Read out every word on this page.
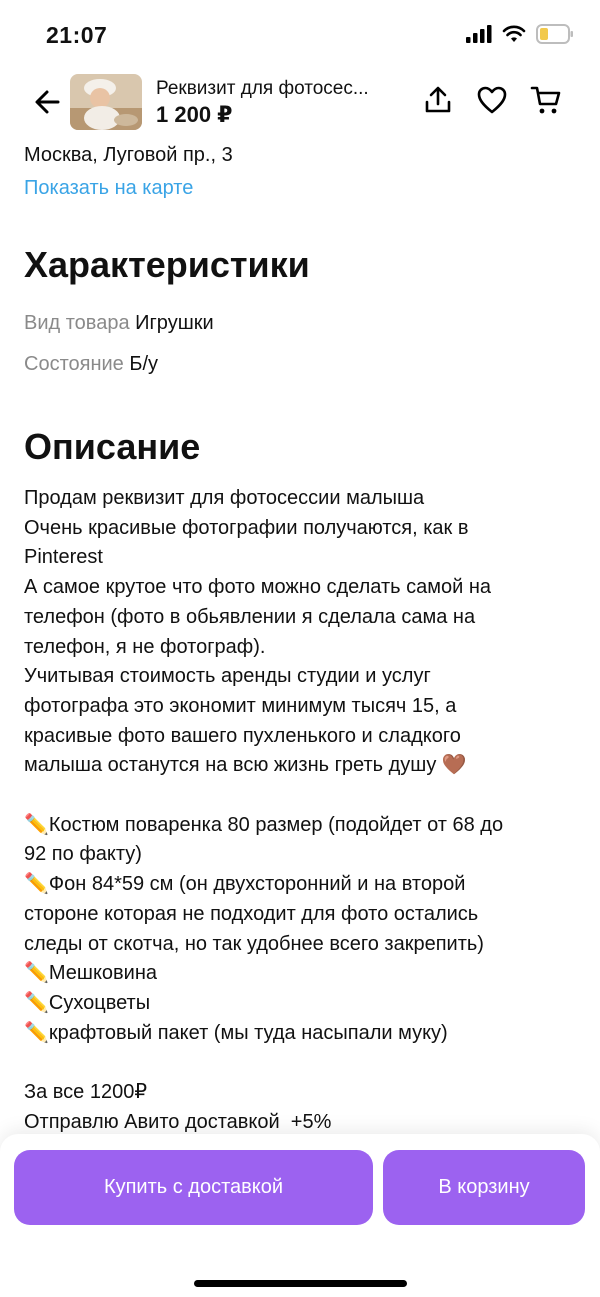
21:07
Реквизит для фотосес...
1 200 ₽
Москва, Луговой пр., 3
Показать на карте
Характеристики
Вид товара Игрушки
Состояние Б/у
Описание
Продам реквизит для фотосессии малыша
Очень красивые фотографии получаются, как в
Pinterest
А самое крутое что фото можно сделать самой на
телефон (фото в обьявлении я сделала сама на
телефон, я не фотограф).
Учитывая стоимость аренды студии и услуг
фотографа это экономит минимум тысяч 15, а
красивые фото вашего пухленького и сладкого
малыша останутся на всю жизнь греть душу 🤎

✏️Костюм поваренка 80 размер (подойдет от 68 до
92 по факту)
✏️Фон 84*59 см (он двухсторонний и на второй
стороне которая не подходит для фото остались
следы от скотча, но так удобнее всего закрепить)
✏️Мешковина
✏️Сухоцветы
✏️крафтовый пакет (мы туда насыпали муку)

За все 1200₽
Отправлю Авито доставкой  +5%
Купить с доставкой	В корзину
